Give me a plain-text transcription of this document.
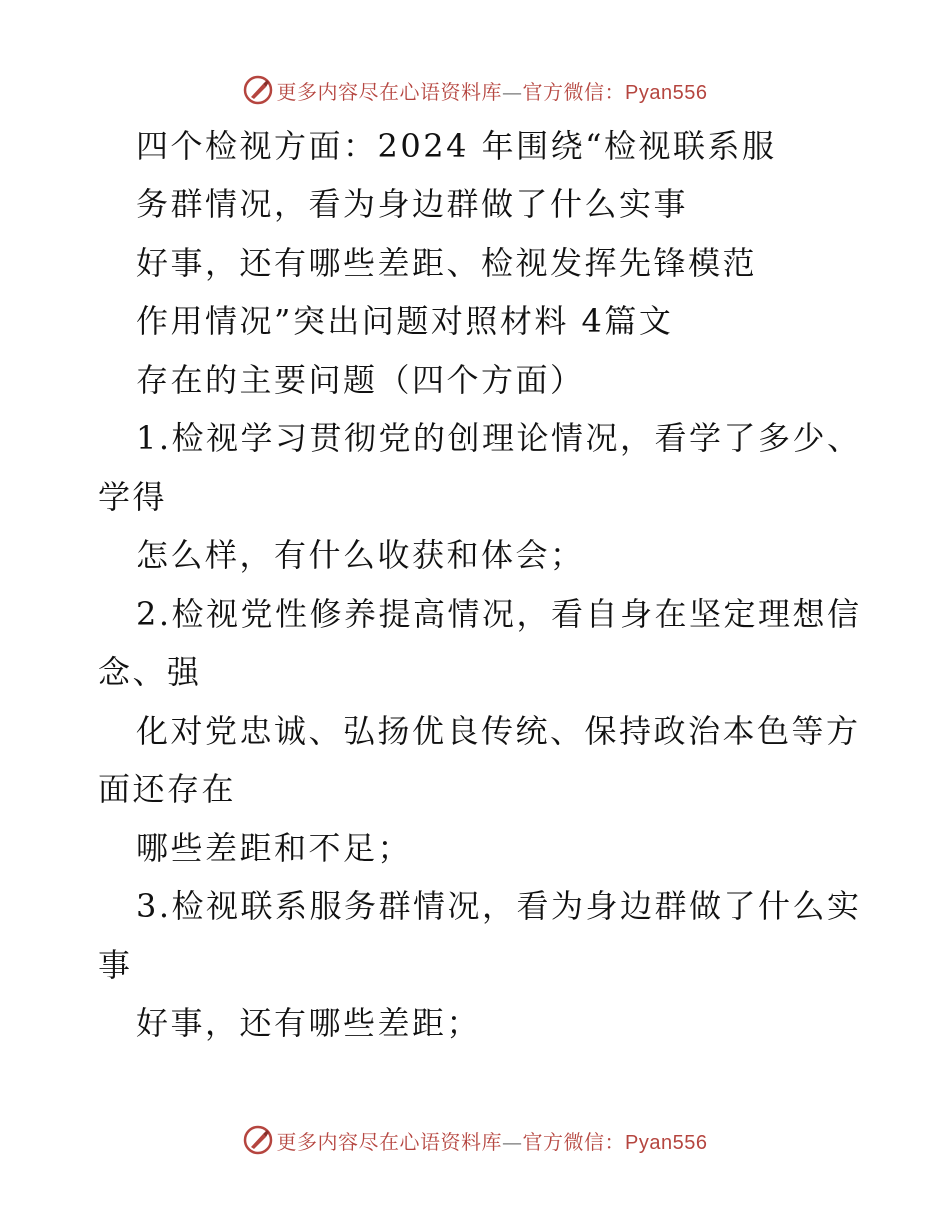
更多内容尽在心语资料库—官方微信：Pyan556
四个检视方面：2024 年围绕“检视联系服
务群情况，看为身边群做了什么实事
好事，还有哪些差距、检视发挥先锋模范
作用情况”突出问题对照材料 4篇文
存在的主要问题（四个方面）
1.检视学习贯彻党的创理论情况，看学了多少、
学得
怎么样，有什么收获和体会；
2.检视党性修养提高情况，看自身在坚定理想信
念、强
化对党忠诚、弘扬优良传统、保持政治本色等方
面还存在
哪些差距和不足；
3.检视联系服务群情况，看为身边群做了什么实
事
好事，还有哪些差距；
更多内容尽在心语资料库—官方微信：Pyan556
